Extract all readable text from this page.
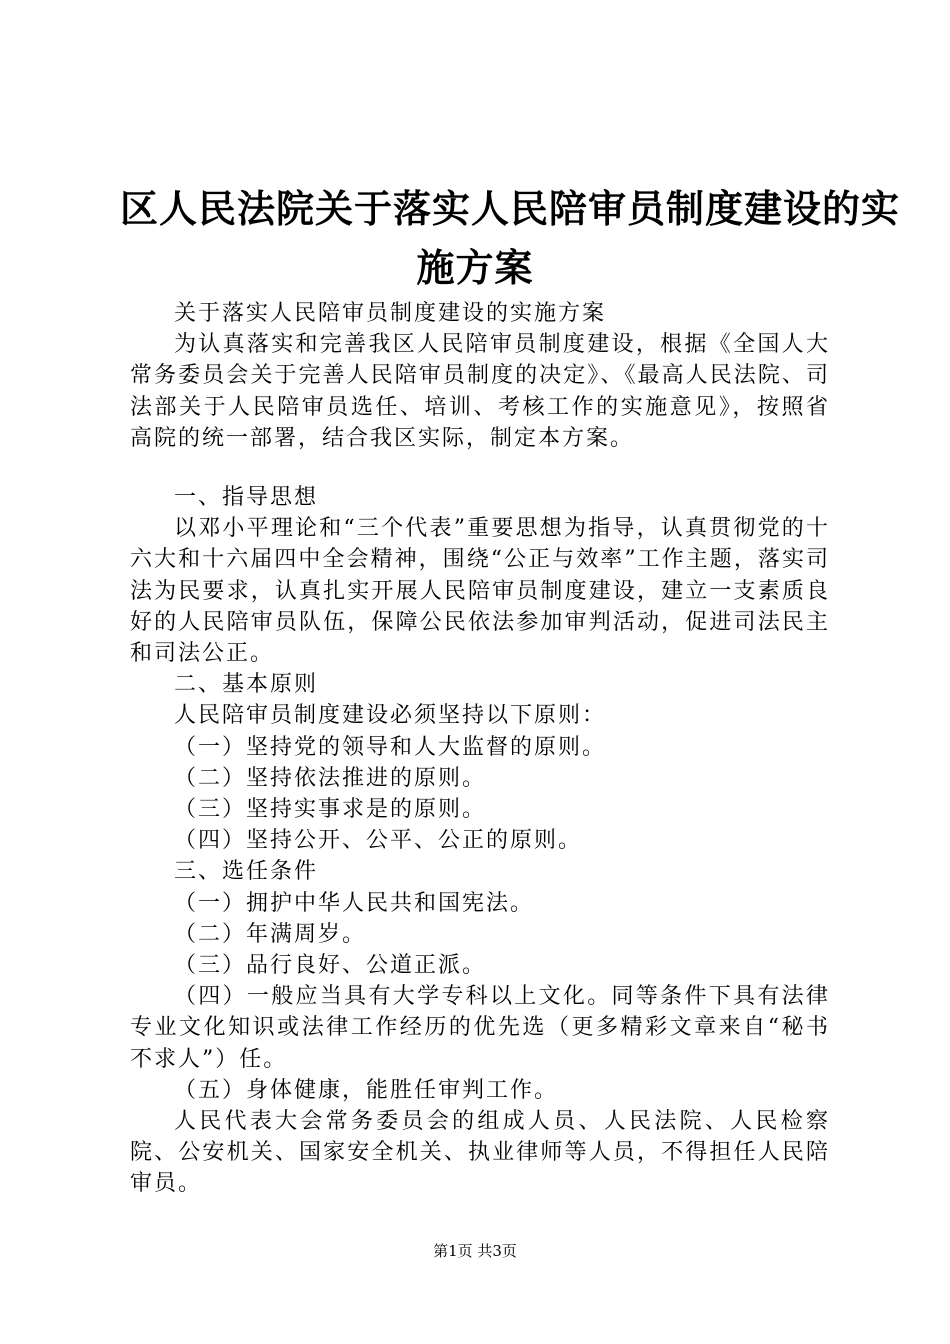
区人民法院关于落实人民陪审员制度建设的实
施方案

关于落实人民陪审员制度建设的实施方案

为认真落实和完善我区人民陪审员制度建设，根据《全国人大常务委员会关于完善人民陪审员制度的决定》、《最高人民法院、司法部关于人民陪审员选任、培训、考核工作的实施意见》，按照省高院的统一部署，结合我区实际，制定本方案。

一、指导思想

以邓小平理论和“三个代表”重要思想为指导，认真贯彻党的十六大和十六届四中全会精神，围绕“公正与效率”工作主题，落实司法为民要求，认真扎实开展人民陪审员制度建设，建立一支素质良好的人民陪审员队伍，保障公民依法参加审判活动，促进司法民主和司法公正。

二、基本原则

人民陪审员制度建设必须坚持以下原则：

（一）坚持党的领导和人大监督的原则。

（二）坚持依法推进的原则。

（三）坚持实事求是的原则。

（四）坚持公开、公平、公正的原则。

三、选任条件

（一）拥护中华人民共和国宪法。

（二）年满周岁。

（三）品行良好、公道正派。

（四）一般应当具有大学专科以上文化。同等条件下具有法律专业文化知识或法律工作经历的优先选（更多精彩文章来自“秘书不求人”）任。

（五）身体健康，能胜任审判工作。

人民代表大会常务委员会的组成人员、人民法院、人民检察院、公安机关、国家安全机关、执业律师等人员，不得担任人民陪审员。

第1页 共3页
